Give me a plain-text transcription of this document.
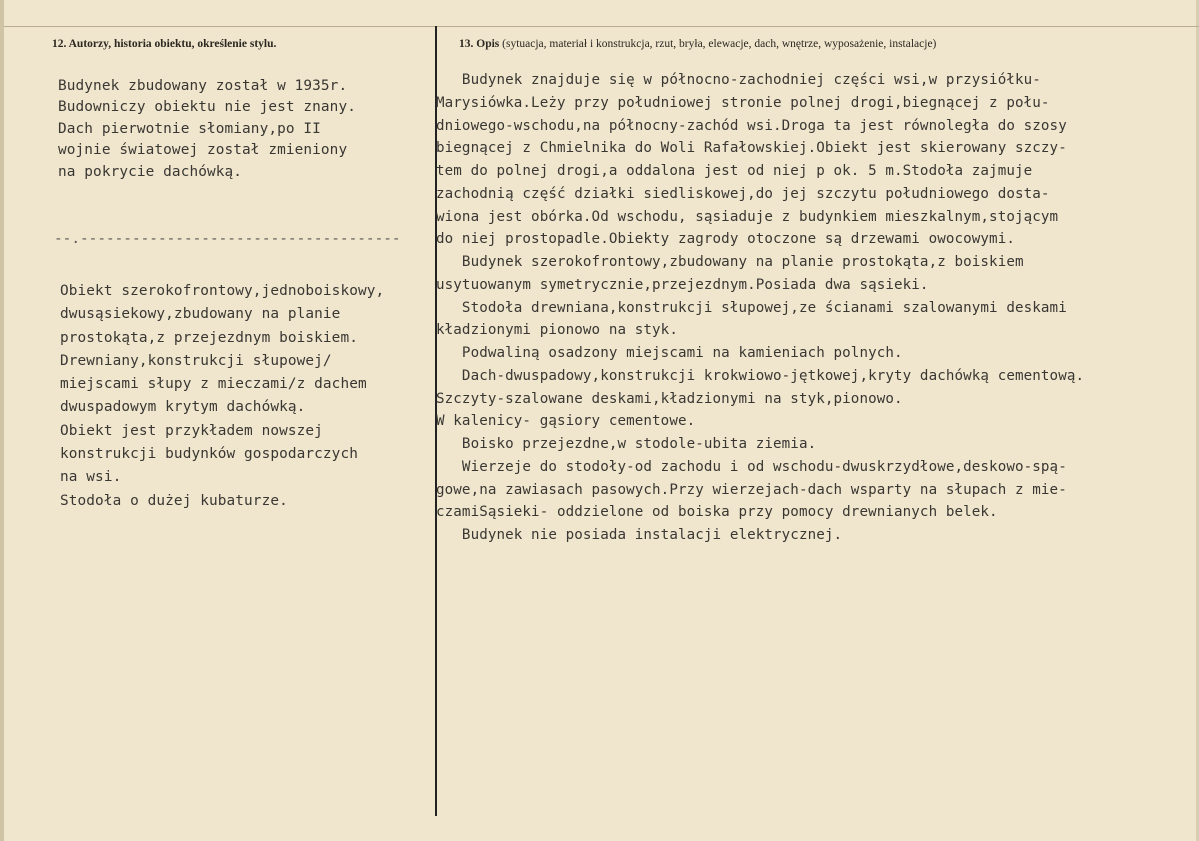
12. Autorzy, historia obiektu, określenie stylu.	13. Opis (sytuacja, materiał i konstrukcja, rzut, bryła, elewacje, dach, wnętrze, wyposażenie, instalacje)
Budynek zbudowany został w 1935r.
Budowniczy obiektu nie jest znany.
Dach pierwotnie słomiany,po II
wojnie światowej został zmieniony
na pokrycie dachówką.
--.-------------------------------------
Obiekt szerokofrontowy,jednoboiskowy,
dwusąsiekowy,zbudowany na planie
prostokąta,z przejezdnym boiskiem.
Drewniany,konstrukcji słupowej/
miejscami słupy z mieczami/z dachem
dwuspadowym krytym dachówką.
Obiekt jest przykładem nowszej
konstrukcji budynków gospodarczych
na wsi.
Stodoła o dużej kubaturze.
Budynek znajduje się w północno-zachodniej części wsi,w przysiółku-
Marysiówka.Leży przy południowej stronie polnej drogi,biegnącej z połu-
dniowego-wschodu,na północny-zachód wsi.Droga ta jest równoległa do szosy
biegnącej z Chmielnika do Woli Rafałowskiej.Obiekt jest skierowany szczy-
tem do polnej drogi,a oddalona jest od niej p ok. 5 m.Stodoła zajmuje
zachodnią część działki siedliskowej,do jej szczytu południowego dosta-
wiona jest obórka.Od wschodu, sąsiaduje z budynkiem mieszkalnym,stojącym
do niej prostopadle.Obiekty zagrody otoczone są drzewami owocowymi.
Budynek szerokofrontowy,zbudowany na planie prostokąta,z boiskiem
usytuowanym symetrycznie,przejezdnym.Posiada dwa sąsieki.
Stodoła drewniana,konstrukcji słupowej,ze ścianami szalowanymi deskami
kładzionymi pionowo na styk.
Podwaliną osadzony miejscami na kamieniach polnych.
Dach-dwuspadowy,konstrukcji krokwiowo-jętkowej,kryty dachówką cementową.
Szczyty-szalowane deskami,kładzionymi na styk,pionowo.
W kalenicy- gąsiory cementowe.
Boisko przejezdne,w stodole-ubita ziemia.
Wierzeje do stodoły-od zachodu i od wschodu-dwuskrzydłowe,deskowo-spą-
gowe,na zawiasach pasowych.Przy wierzejach-dach wsparty na słupach z mie-
czamiSąsieki- oddzielone od boiska przy pomocy drewnianych belek.
Budynek nie posiada instalacji elektrycznej.
